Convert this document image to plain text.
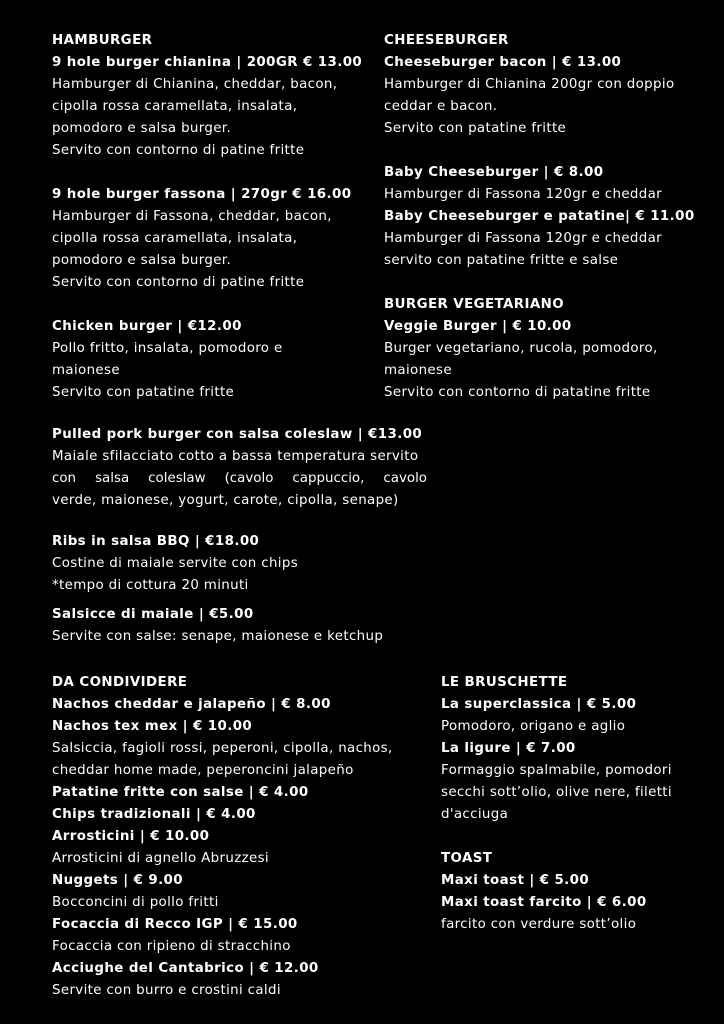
HAMBURGER
9 hole burger chianina | 200GR € 13.00
Hamburger di Chianina, cheddar, bacon,
cipolla rossa caramellata, insalata,
pomodoro e salsa burger.
Servito con contorno di patine fritte
9 hole burger fassona | 270gr € 16.00
Hamburger di Fassona, cheddar, bacon,
cipolla rossa caramellata, insalata,
pomodoro e salsa burger.
Servito con contorno di patine fritte
Chicken burger | €12.00
Pollo fritto, insalata, pomodoro e
maionese
Servito con patatine fritte
CHEESEBURGER
Cheeseburger bacon | € 13.00
Hamburger di Chianina 200gr con doppio
ceddar e bacon.
Servito con patatine fritte
Baby Cheeseburger | € 8.00
Hamburger di Fassona 120gr e cheddar
Baby Cheeseburger e patatine| € 11.00
Hamburger di Fassona 120gr e cheddar
servito con patatine fritte e salse
BURGER VEGETARIANO
Veggie Burger | € 10.00
Burger vegetariano, rucola, pomodoro,
maionese
Servito con contorno di patatine fritte
Pulled pork burger con salsa coleslaw | €13.00
Maiale sfilacciato cotto a bassa temperatura servito
con salsa coleslaw (cavolo cappuccio, cavolo
verde, maionese, yogurt, carote, cipolla, senape)
Ribs in salsa BBQ | €18.00
Costine di maiale servite con chips
*tempo di cottura 20 minuti
Salsicce di maiale | €5.00
Servite con salse: senape, maionese e ketchup
DA CONDIVIDERE
Nachos cheddar e jalapeño | € 8.00
Nachos tex mex | € 10.00
Salsiccia, fagioli rossi, peperoni, cipolla, nachos,
cheddar home made, peperoncini jalapeño
Patatine fritte con salse | € 4.00
Chips tradizionali | € 4.00
Arrosticini | € 10.00
Arrosticini di agnello Abruzzesi
Nuggets | € 9.00
Bocconcini di pollo fritti
Focaccia di Recco IGP | € 15.00
Focaccia con ripieno di stracchino
Acciughe del Cantabrico | € 12.00
Servite con burro e crostini caldi
LE BRUSCHETTE
La superclassica | € 5.00
Pomodoro, origano e aglio
La ligure | € 7.00
Formaggio spalmabile, pomodori
secchi sott’olio, olive nere, filetti
d'acciuga
TOAST
Maxi toast | € 5.00
Maxi toast farcito | € 6.00
farcito con verdure sott’olio
